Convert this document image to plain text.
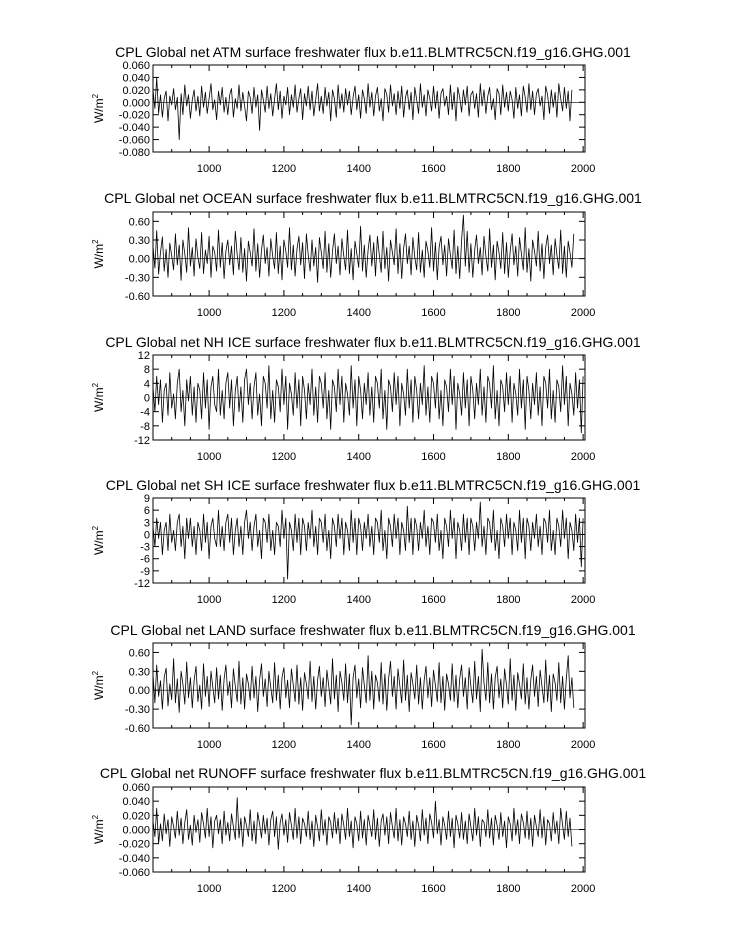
CPL Global net ATM surface freshwater flux b.e11.BLMTRC5CN.f19_g16.GHG.001
$W/m^2$
1000	1200	1400	1600	1800	2000
-0.080
-0.060
-0.040
-0.020
0.000
0.020
0.040
0.060
CPL Global net OCEAN surface freshwater flux b.e11.BLMTRC5CN.f19_g16.GHG.001
$W/m^2$
1000	1200	1400	1600	1800	2000
-0.60
-0.30
0.00
0.30
0.60
CPL Global net NH ICE surface freshwater flux b.e11.BLMTRC5CN.f19_g16.GHG.001
$W/m^2$
1000	1200	1400	1600	1800	2000
-12
-8
-4
0
4
8
12
CPL Global net SH ICE surface freshwater flux b.e11.BLMTRC5CN.f19_g16.GHG.001
$W/m^2$
1000	1200	1400	1600	1800	2000
-12
-9
-6
-3
0
3
6
9
CPL Global net LAND surface freshwater flux b.e11.BLMTRC5CN.f19_g16.GHG.001
$W/m^2$
1000	1200	1400	1600	1800	2000
-0.60
-0.30
0.00
0.30
0.60
CPL Global net RUNOFF surface freshwater flux b.e11.BLMTRC5CN.f19_g16.GHG.001
$W/m^2$
1000	1200	1400	1600	1800	2000
-0.060
-0.040
-0.020
0.000
0.020
0.040
0.060
